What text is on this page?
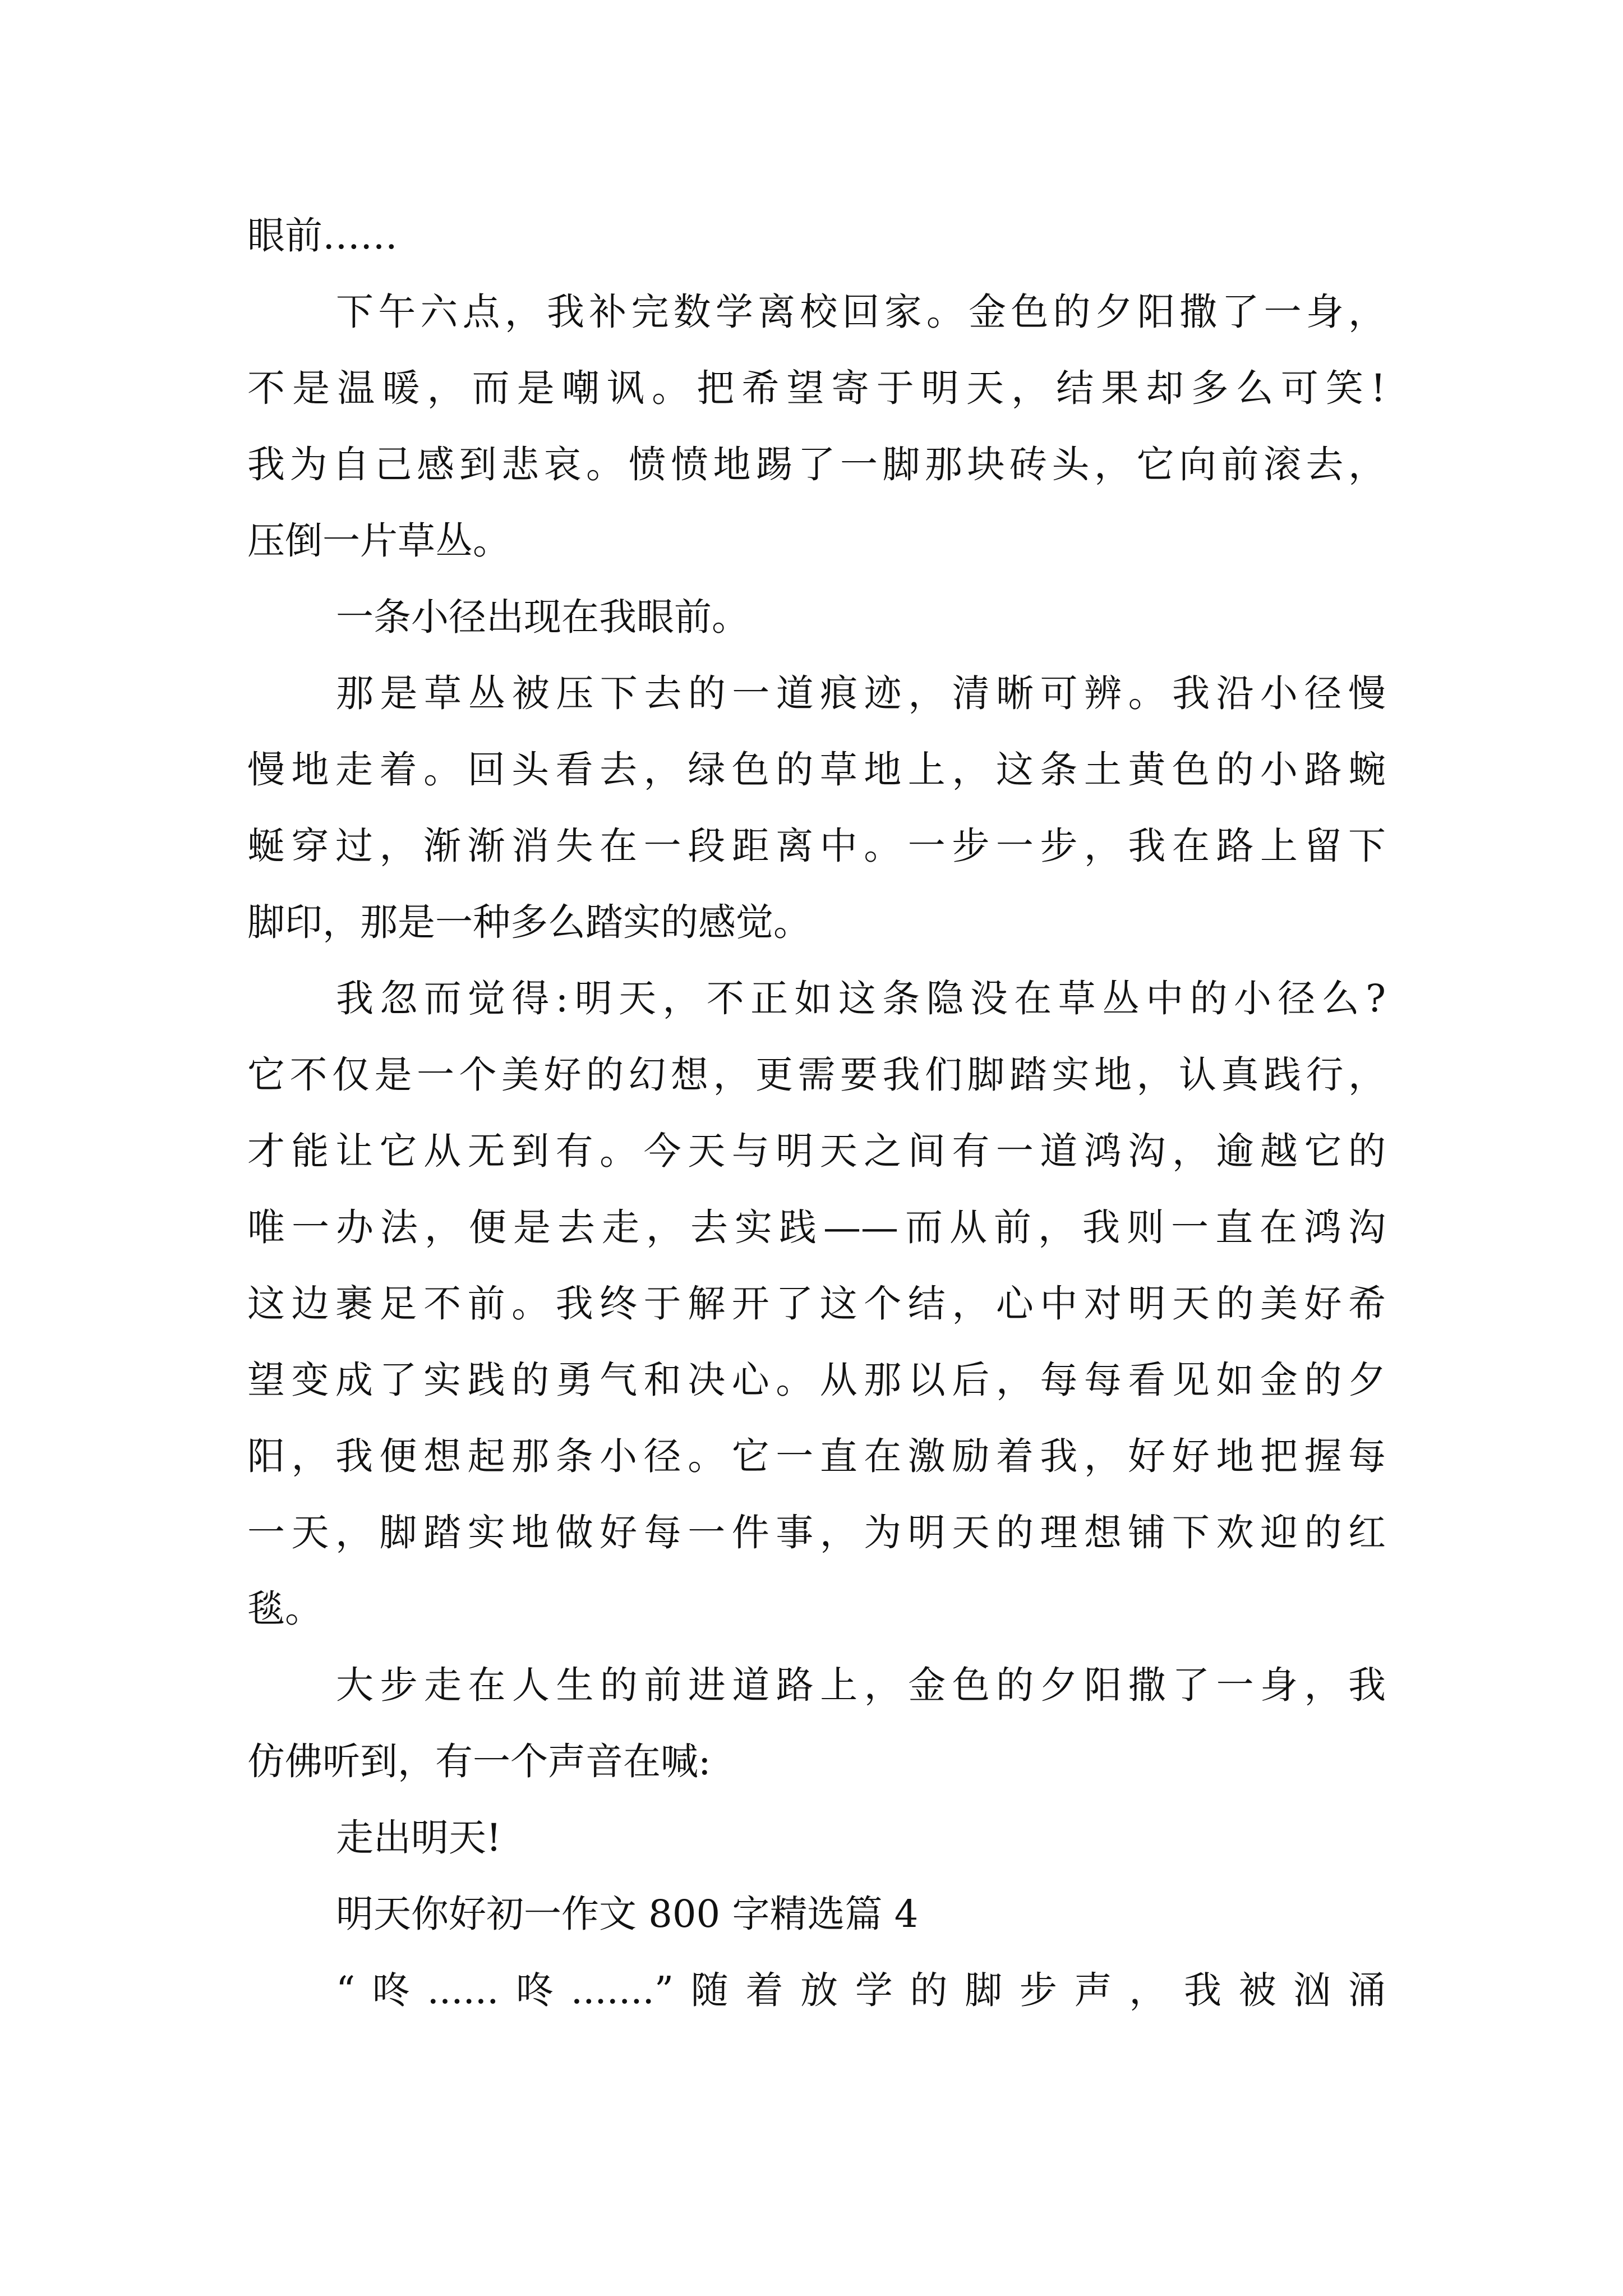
眼前……
下午六点，我补完数学离校回家。金色的夕阳撒了一身，
不是温暖，而是嘲讽。把希望寄于明天，结果却多么可笑!
我为自己感到悲哀。愤愤地踢了一脚那块砖头，它向前滚去，
压倒一片草丛。
一条小径出现在我眼前。
那是草丛被压下去的一道痕迹，清晰可辨。我沿小径慢
慢地走着。回头看去，绿色的草地上，这条土黄色的小路蜿
蜒穿过，渐渐消失在一段距离中。一步一步，我在路上留下
脚印，那是一种多么踏实的感觉。
我忽而觉得:明天，不正如这条隐没在草丛中的小径么?
它不仅是一个美好的幻想，更需要我们脚踏实地，认真践行，
才能让它从无到有。今天与明天之间有一道鸿沟，逾越它的
唯一办法，便是去走，去实践——而从前，我则一直在鸿沟
这边裹足不前。我终于解开了这个结，心中对明天的美好希
望变成了实践的勇气和决心。从那以后，每每看见如金的夕
阳，我便想起那条小径。它一直在激励着我，好好地把握每
一天，脚踏实地做好每一件事，为明天的理想铺下欢迎的红
毯。
大步走在人生的前进道路上，金色的夕阳撒了一身，我
仿佛听到，有一个声音在喊:
走出明天!
明天你好初一作文 800 字精选篇 4
“咚......咚.......”随着放学的脚步声，我被汹涌
